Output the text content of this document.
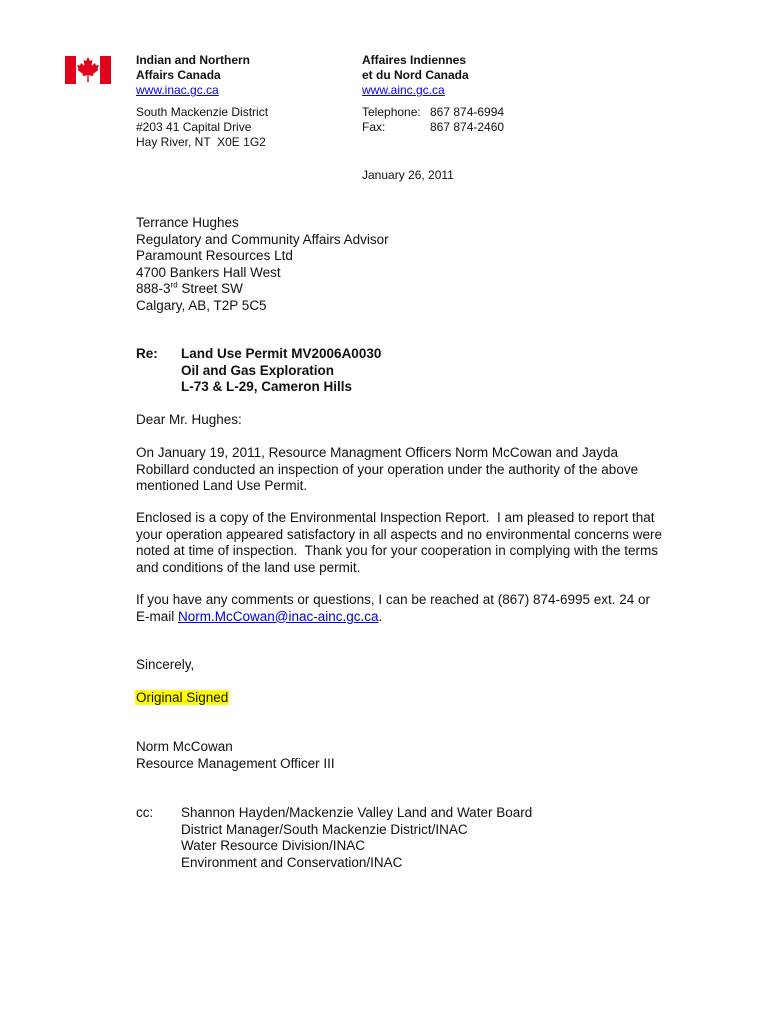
Indian and Northern
Affairs Canada
www.inac.gc.ca
South Mackenzie District
#203 41 Capital Drive
Hay River, NT  X0E 1G2
Affaires Indiennes
et du Nord Canada
www.ainc.gc.ca
Telephone: 867 874-6994
Fax:	867 874-2460
January 26, 2011
Terrance Hughes
Regulatory and Community Affairs Advisor
Paramount Resources Ltd
4700 Bankers Hall West
888-3rd Street SW
Calgary, AB, T2P 5C5
Re: Land Use Permit MV2006A0030
Oil and Gas Exploration
L-73 & L-29, Cameron Hills
Dear Mr. Hughes:
On January 19, 2011, Resource Managment Officers Norm McCowan and Jayda
Robillard conducted an inspection of your operation under the authority of the above
mentioned Land Use Permit.
Enclosed is a copy of the Environmental Inspection Report.  I am pleased to report that
your operation appeared satisfactory in all aspects and no environmental concerns were
noted at time of inspection.  Thank you for your cooperation in complying with the terms
and conditions of the land use permit.
If you have any comments or questions, I can be reached at (867) 874-6995 ext. 24 or
E-mail Norm.McCowan@inac-ainc.gc.ca.
Sincerely,
Original Signed
Norm McCowan
Resource Management Officer III
cc: Shannon Hayden/Mackenzie Valley Land and Water Board
District Manager/South Mackenzie District/INAC
Water Resource Division/INAC
Environment and Conservation/INAC
